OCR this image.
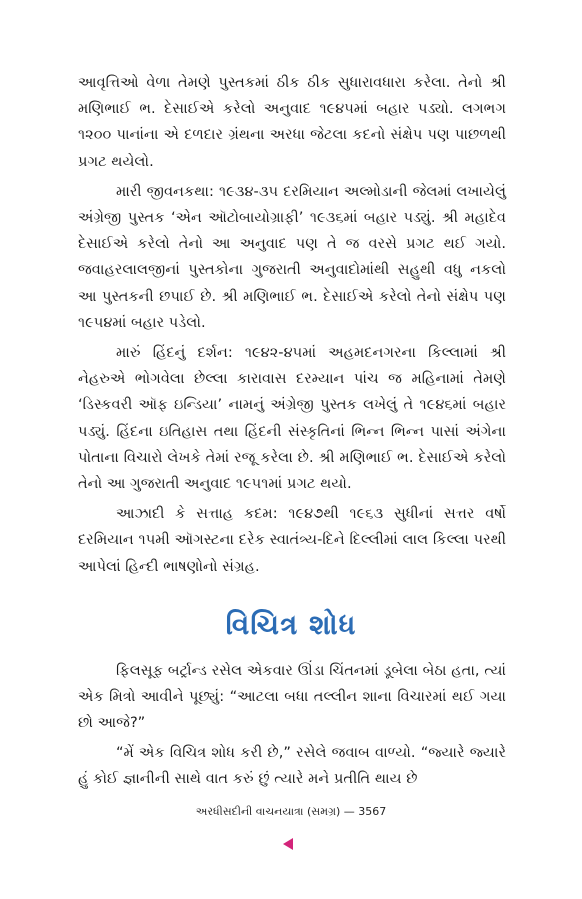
આવૃત્તિઓ વેળા તેમણે પુસ્તકમાં ઠીક ઠીક સુધારાવધારા કરેલા. તેનો શ્રી મણિભાઈ ભ. દેસાઈએ કરેલો અનુવાદ ૧૯૪૫માં બહાર પડ્યો. લગભગ ૧૨૦૦ પાનાંના એ દળદાર ગ્રંથના અરધા જેટલા કદનો સંક્ષેપ પણ પાછળથી પ્રગટ થયેલો.

મારી જીવનકથા: ૧૯૩૪-૩૫ દરમિયાન અલ્મોડાની જેલમાં લખાયેલું અંગ્રેજી પુસ્તક ‘એન ઑટોબાયોગ્રાફી’ ૧૯૩૬માં બહાર પડ્યું. શ્રી મહાદેવ દેસાઈએ કરેલો તેનો આ અનુવાદ પણ તે જ વરસે પ્રગટ થઈ ગયો. જવાહરલાલજીનાં પુસ્તકોના ગુજરાતી અનુવાદોમાંથી સહુથી વધુ નકલો આ પુસ્તકની છપાઈ છે. શ્રી મણિભાઈ ભ. દેસાઈએ કરેલો તેનો સંક્ષેપ પણ ૧૯૫૪માં બહાર પડેલો.

મારું હિંદનું દર્શન: ૧૯૪૨-૪૫માં અહમદનગરના કિલ્લામાં શ્રી નેહરુએ ભોગવેલા છેલ્લા કારાવાસ દરમ્યાન પાંચ જ મહિનામાં તેમણે ‘ડિસ્કવરી ઑફ ઇન્ડિયા’ નામનું અંગ્રેજી પુસ્તક લખેલું તે ૧૯૪૬માં બહાર પડ્યું. હિંદના ઇતિહાસ તથા હિંદની સંસ્કૃતિનાં ભિન્ન ભિન્ન પાસાં અંગેના પોતાના વિચારો લેખકે તેમાં રજૂ કરેલા છે. શ્રી મણિભાઈ ભ. દેસાઈએ કરેલો તેનો આ ગુજરાતી અનુવાદ ૧૯૫૧માં પ્રગટ થયો.

આઝાદી કે સત્તાહ કદમ: ૧૯૪૭થી ૧૯૬૩ સુધીનાં સત્તર વર્ષો દરમિયાન ૧૫મી ઑગસ્ટના દરેક સ્વાતંત્ર્ય-દિને દિલ્લીમાં લાલ કિલ્લા પરથી આપેલાં હિન્દી ભાષણોનો સંગ્રહ.

વિચિત્ર શોધ

ફિલસૂફ બર્ટ્રાન્ડ રસેલ એકવાર ઊંડા ચિંતનમાં ડૂબેલા બેઠા હતા, ત્યાં એક મિત્રો આવીને પૂછ્યું: “આટલા બધા તલ્લીન શાના વિચારમાં થઈ ગયા છો આજે?”

“મેં એક વિચિત્ર શોધ કરી છે,” રસેલે જવાબ વાળ્યો. “જ્યારે જ્યારે હું કોઈ જ્ઞાનીની સાથે વાત કરું છું ત્યારે મને પ્રતીતિ થાય છે

અરધીસદીની વાચનયાત્રા (સમગ્ર) — 3567
